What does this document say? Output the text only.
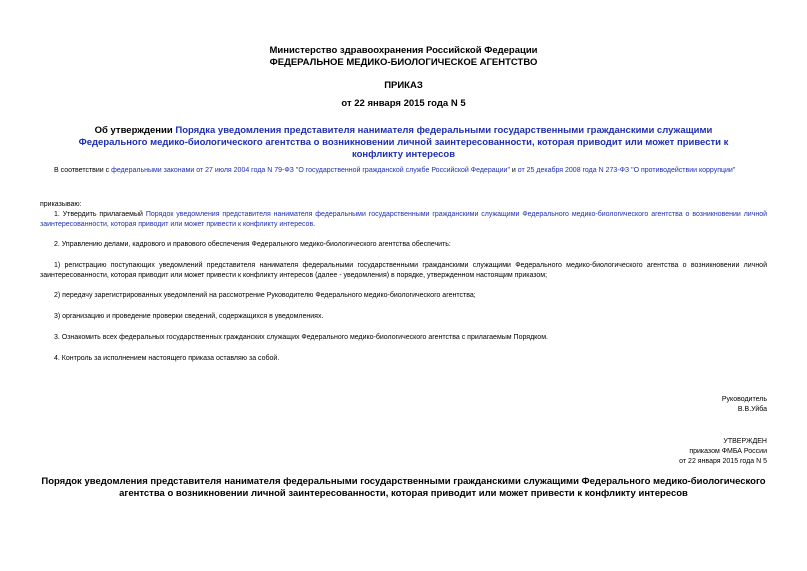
Министерство здравоохранения Российской Федерации
ФЕДЕРАЛЬНОЕ МЕДИКО-БИОЛОГИЧЕСКОЕ АГЕНТСТВО
ПРИКАЗ
от 22 января 2015 года N 5
Об утверждении Порядка уведомления представителя нанимателя федеральными государственными гражданскими служащими Федерального медико-биологического агентства о возникновении личной заинтересованности, которая приводит или может привести к конфликту интересов
В соответствии с федеральными законами от 27 июля 2004 года N 79-ФЗ "О государственной гражданской службе Российской Федерации" и от 25 декабря 2008 года N 273-ФЗ "О противодействии коррупции"
приказываю:
1. Утвердить прилагаемый Порядок уведомления представителя нанимателя федеральными государственными гражданскими служащими Федерального медико-биологического агентства о возникновении личной заинтересованности, которая приводит или может привести к конфликту интересов.
2. Управлению делами, кадрового и правового обеспечения Федерального медико-биологического агентства обеспечить:
1) регистрацию поступающих уведомлений представителя нанимателя федеральными государственными гражданскими служащими Федерального медико-биологического агентства о возникновении личной заинтересованности, которая приводит или может привести к конфликту интересов (далее - уведомления) в порядке, утвержденном настоящим приказом;
2) передачу зарегистрированных уведомлений на рассмотрение Руководителю Федерального медико-биологического агентства;
3) организацию и проведение проверки сведений, содержащихся в уведомлениях.
3. Ознакомить всех федеральных государственных гражданских служащих Федерального медико-биологического агентства с прилагаемым Порядком.
4. Контроль за исполнением настоящего приказа оставляю за собой.
Руководитель
В.В.Уйба
УТВЕРЖДЕН
приказом ФМБА России
от 22 января 2015 года N 5
Порядок уведомления представителя нанимателя федеральными государственными гражданскими служащими Федерального медико-биологического агентства о возникновении личной заинтересованности, которая приводит или может привести к конфликту интересов
